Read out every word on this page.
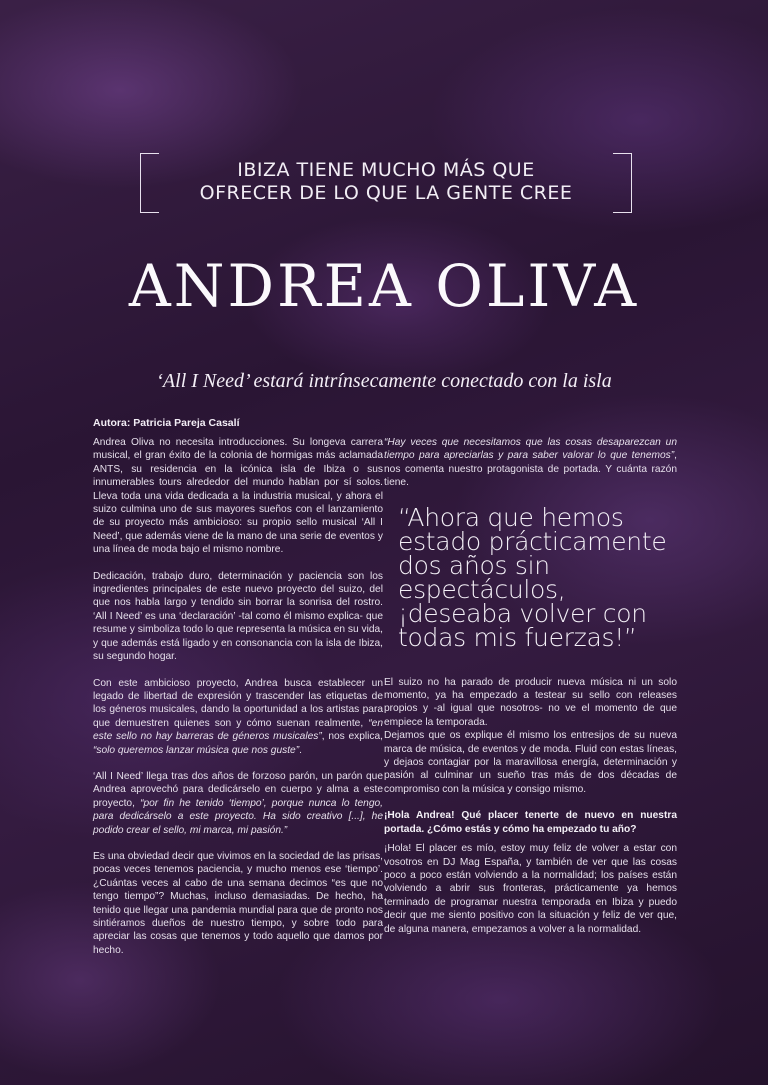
IBIZA TIENE MUCHO MÁS QUE
OFRECER DE LO QUE LA GENTE CREE
ANDREA OLIVA
‘All I Need’ estará intrínsecamente conectado con la isla

Autora: Patricia Pareja Casalí

Andrea Oliva no necesita introducciones. Su longeva carrera musical, el gran éxito de la colonia de hormigas más aclamada ANTS, su residencia en la icónica isla de Ibiza o sus innumerables tours alrededor del mundo hablan por sí solos. Lleva toda una vida dedicada a la industria musical, y ahora el suizo culmina uno de sus mayores sueños con el lanzamiento de su proyecto más ambicioso: su propio sello musical ‘All I Need’, que además viene de la mano de una serie de eventos y una línea de moda bajo el mismo nombre.

Dedicación, trabajo duro, determinación y paciencia son los ingredientes principales de este nuevo proyecto del suizo, del que nos habla largo y tendido sin borrar la sonrisa del rostro. ‘All I Need’ es una ‘declaración’ -tal como él mismo explica- que resume y simboliza todo lo que representa la música en su vida, y que además está ligado y en consonancia con la isla de Ibiza, su segundo hogar.

Con este ambicioso proyecto, Andrea busca establecer un legado de libertad de expresión y trascender las etiquetas de los géneros musicales, dando la oportunidad a los artistas para que demuestren quienes son y cómo suenan realmente, “en este sello no hay barreras de géneros musicales”, nos explica, “solo queremos lanzar música que nos guste”.

‘All I Need’ llega tras dos años de forzoso parón, un parón que Andrea aprovechó para dedicárselo en cuerpo y alma a este proyecto, “por fin he tenido ‘tiempo’, porque nunca lo tengo, para dedicárselo a este proyecto. Ha sido creativo [...], he podido crear el sello, mi marca, mi pasión.”

Es una obviedad decir que vivimos en la sociedad de las prisas, pocas veces tenemos paciencia, y mucho menos ese ‘tiempo’. ¿Cuántas veces al cabo de una semana decimos “es que no tengo tiempo”? Muchas, incluso demasiadas. De hecho, ha tenido que llegar una pandemia mundial para que de pronto nos sintiéramos dueños de nuestro tiempo, y sobre todo para apreciar las cosas que tenemos y todo aquello que damos por hecho.

“Hay veces que necesitamos que las cosas desaparezcan un tiempo para apreciarlas y para saber valorar lo que tenemos”, nos comenta nuestro protagonista de portada. Y cuánta razón tiene.

“Ahora que hemos estado prácticamente dos años sin espectáculos, ¡deseaba volver con todas mis fuerzas!”

El suizo no ha parado de producir nueva música ni un solo momento, ya ha empezado a testear su sello con releases propios y -al igual que nosotros- no ve el momento de que empiece la temporada.

Dejamos que os explique él mismo los entresijos de su nueva marca de música, de eventos y de moda. Fluid con estas líneas, y dejaos contagiar por la maravillosa energía, determinación y pasión al culminar un sueño tras más de dos décadas de compromiso con la música y consigo mismo.

¡Hola Andrea! Qué placer tenerte de nuevo en nuestra portada. ¿Cómo estás y cómo ha empezado tu año?

¡Hola! El placer es mío, estoy muy feliz de volver a estar con vosotros en DJ Mag España, y también de ver que las cosas poco a poco están volviendo a la normalidad; los países están volviendo a abrir sus fronteras, prácticamente ya hemos terminado de programar nuestra temporada en Ibiza y puedo decir que me siento positivo con la situación y feliz de ver que, de alguna manera, empezamos a volver a la normalidad.
